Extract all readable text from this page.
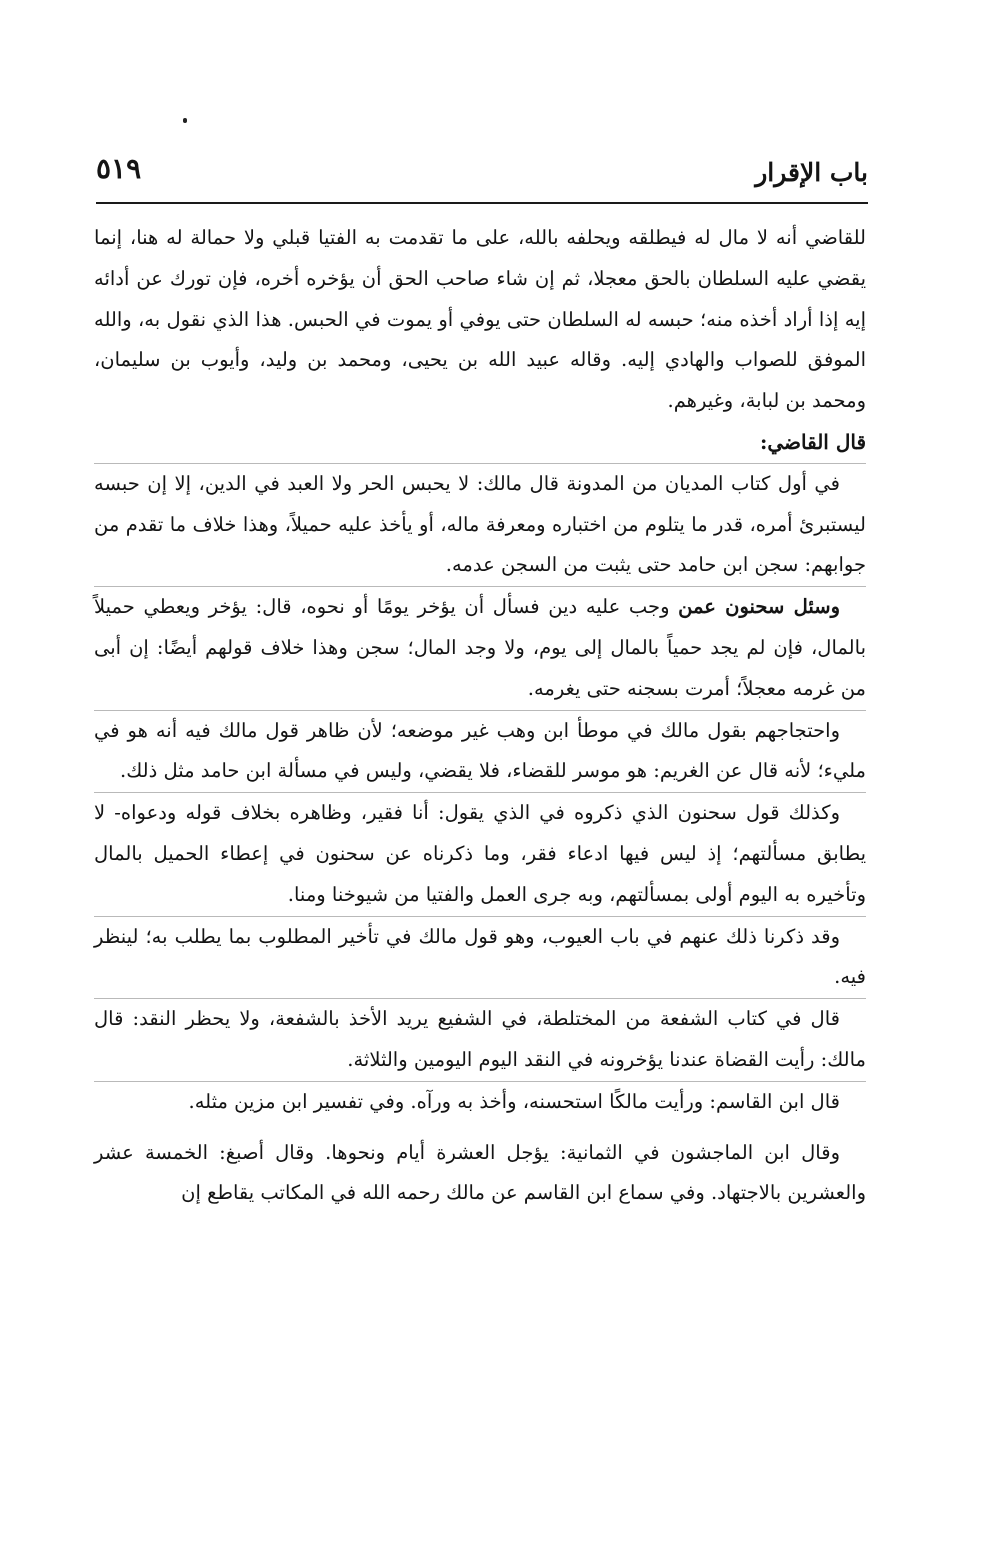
باب الإقرار
٥١٩

للقاضي أنه لا مال له فيطلقه ويحلفه بالله، على ما تقدمت به الفتيا قبلي ولا حمالة له هنا، إنما يقضي عليه السلطان بالحق معجلا، ثم إن شاء صاحب الحق أن يؤخره أخره، فإن تورك عن أدائه إيه إذا أراد أخذه منه؛ حبسه له السلطان حتى يوفي أو يموت في الحبس. هذا الذي نقول به، والله الموفق للصواب والهادي إليه. وقاله عبيد الله بن يحيى، ومحمد بن وليد، وأيوب بن سليمان، ومحمد بن لبابة، وغيرهم.

قال القاضي:

في أول كتاب المديان من المدونة قال مالك: لا يحبس الحر ولا العبد في الدين، إلا إن حبسه ليستبرئ أمره، قدر ما يتلوم من اختباره ومعرفة ماله، أو يأخذ عليه حميلاً، وهذا خلاف ما تقدم من جوابهم: سجن ابن حامد حتى يثبت من السجن عدمه.

وسئل سحنون عمن وجب عليه دين فسأل أن يؤخر يومًا أو نحوه، قال: يؤخر ويعطي حميلاً بالمال، فإن لم يجد حمياً بالمال إلى يوم، ولا وجد المال؛ سجن وهذا خلاف قولهم أيضًا: إن أبى من غرمه معجلاً؛ أمرت بسجنه حتى يغرمه.

واحتجاجهم بقول مالك في موطأ ابن وهب غير موضعه؛ لأن ظاهر قول مالك فيه أنه هو في مليء؛ لأنه قال عن الغريم: هو موسر للقضاء، فلا يقضي، وليس في مسألة ابن حامد مثل ذلك.

وكذلك قول سحنون الذي ذكروه في الذي يقول: أنا فقير، وظاهره بخلاف قوله ودعواه- لا يطابق مسألتهم؛ إذ ليس فيها ادعاء فقر، وما ذكرناه عن سحنون في إعطاء الحميل بالمال وتأخيره به اليوم أولى بمسألتهم، وبه جرى العمل والفتيا من شيوخنا ومنا.

وقد ذكرنا ذلك عنهم في باب العيوب، وهو قول مالك في تأخير المطلوب بما يطلب به؛ لينظر فيه.

قال في كتاب الشفعة من المختلطة، في الشفيع يريد الأخذ بالشفعة، ولا يحظر النقد: قال مالك: رأيت القضاة عندنا يؤخرونه في النقد اليوم اليومين والثلاثة.

قال ابن القاسم: ورأيت مالكًا استحسنه، وأخذ به ورآه. وفي تفسير ابن مزين مثله.

وقال ابن الماجشون في الثمانية: يؤجل العشرة أيام ونحوها. وقال أصبغ: الخمسة عشر والعشرين بالاجتهاد. وفي سماع ابن القاسم عن مالك رحمه الله في المكاتب يقاطع إن
